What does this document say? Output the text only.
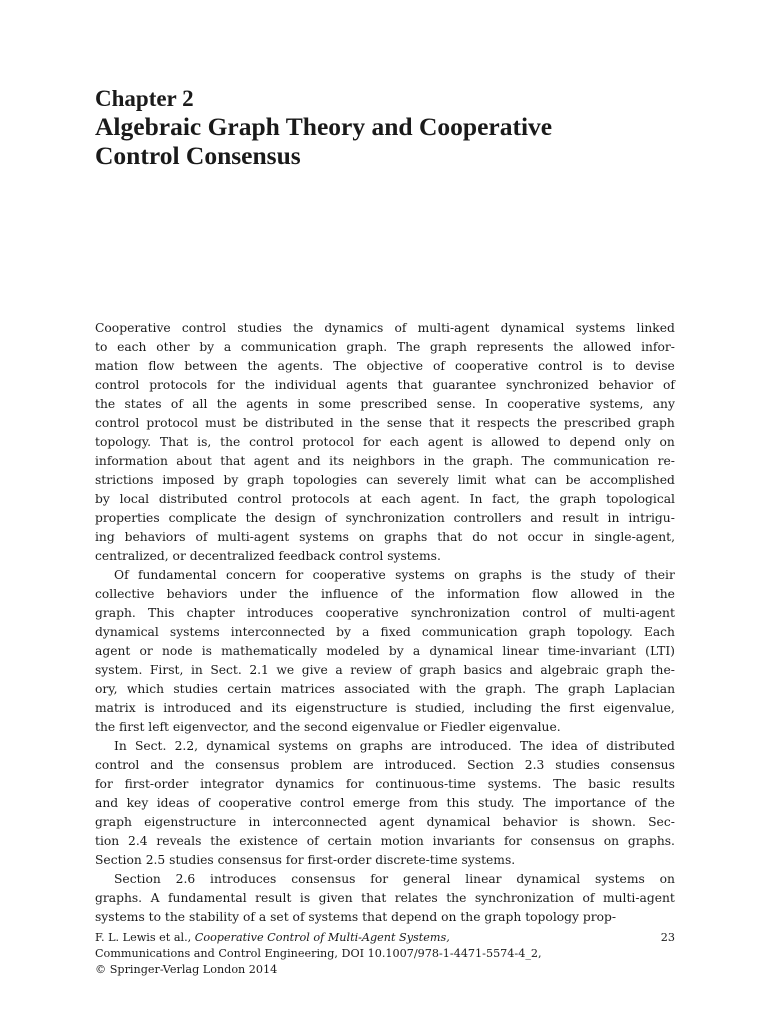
Chapter 2
Algebraic Graph Theory and Cooperative
Control Consensus
Cooperative control studies the dynamics of multi-agent dynamical systems linked
to each other by a communication graph. The graph represents the allowed infor-
mation flow between the agents. The objective of cooperative control is to devise
control protocols for the individual agents that guarantee synchronized behavior of
the states of all the agents in some prescribed sense. In cooperative systems, any
control protocol must be distributed in the sense that it respects the prescribed graph
topology. That is, the control protocol for each agent is allowed to depend only on
information about that agent and its neighbors in the graph. The communication re-
strictions imposed by graph topologies can severely limit what can be accomplished
by local distributed control protocols at each agent. In fact, the graph topological
properties complicate the design of synchronization controllers and result in intrigu-
ing behaviors of multi-agent systems on graphs that do not occur in single-agent,
centralized, or decentralized feedback control systems.
Of fundamental concern for cooperative systems on graphs is the study of their
collective behaviors under the influence of the information flow allowed in the
graph. This chapter introduces cooperative synchronization control of multi-agent
dynamical systems interconnected by a fixed communication graph topology. Each
agent or node is mathematically modeled by a dynamical linear time-invariant (LTI)
system. First, in Sect. 2.1 we give a review of graph basics and algebraic graph the-
ory, which studies certain matrices associated with the graph. The graph Laplacian
matrix is introduced and its eigenstructure is studied, including the first eigenvalue,
the first left eigenvector, and the second eigenvalue or Fiedler eigenvalue.
In Sect. 2.2, dynamical systems on graphs are introduced. The idea of distributed
control and the consensus problem are introduced. Section 2.3 studies consensus
for first-order integrator dynamics for continuous-time systems. The basic results
and key ideas of cooperative control emerge from this study. The importance of the
graph eigenstructure in interconnected agent dynamical behavior is shown. Sec-
tion 2.4 reveals the existence of certain motion invariants for consensus on graphs.
Section 2.5 studies consensus for first-order discrete-time systems.
Section 2.6 introduces consensus for general linear dynamical systems on
graphs. A fundamental result is given that relates the synchronization of multi-agent
systems to the stability of a set of systems that depend on the graph topology prop-
F. L. Lewis et al., Cooperative Control of Multi-Agent Systems,	23
Communications and Control Engineering, DOI 10.1007/978-1-4471-5574-4_2,
© Springer-Verlag London 2014
